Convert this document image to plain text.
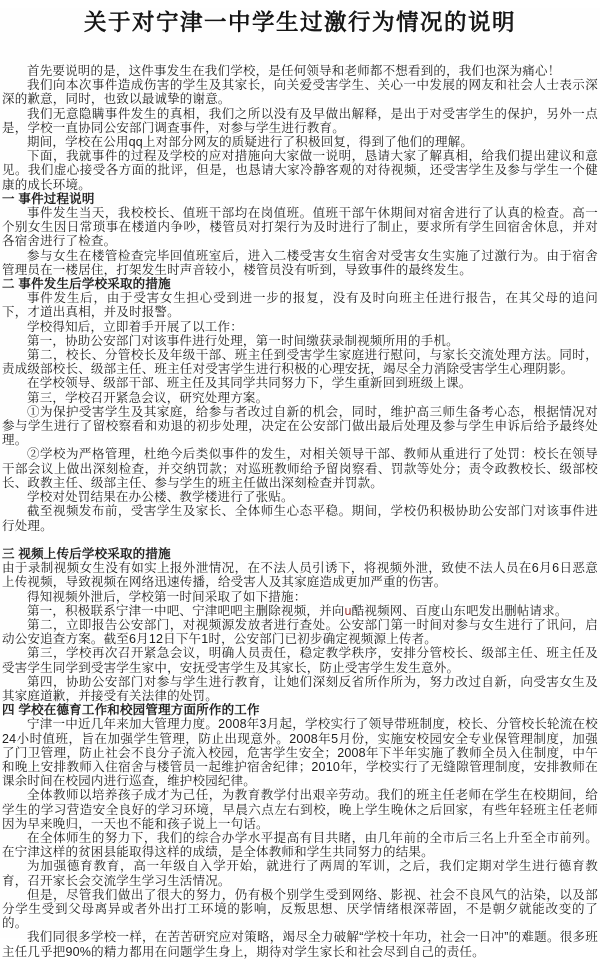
关于对宁津一中学生过激行为情况的说明

首先要说明的是，这件事发生在我们学校，是任何领导和老师都不想看到的，我们也深为痛心！

我们向本次事件造成伤害的学生及其家长，向关爱受害学生、关心一中发展的网友和社会人士表示深深的歉意，同时，也致以最诚挚的谢意。

我们无意隐瞒事件发生的真相，我们之所以没有及早做出解释，是出于对受害学生的保护，另外一点是，学校一直协同公安部门调查事件，对参与学生进行教育。

期间，学校在公用qq上对部分网友的质疑进行了积极回复，得到了他们的理解。

下面，我就事件的过程及学校的应对措施向大家做一说明，恳请大家了解真相，给我们提出建议和意见。我们虚心接受各方面的批评，但是，也恳请大家冷静客观的对待视频，还受害学生及参与学生一个健康的成长环境。

一 事件过程说明

事件发生当天，我校校长、值班干部均在岗值班。值班干部午休期间对宿舍进行了认真的检查。高一个别女生因日常琐事在楼道内争吵，楼管员对打架行为及时进行了制止，要求所有学生回宿舍休息，并对各宿舍进行了检查。

参与女生在楼管检查完毕回值班室后，进入二楼受害女生宿舍对受害女生实施了过激行为。由于宿舍管理员在一楼居住，打架发生时声音较小，楼管员没有听到，导致事件的最终发生。

二 事件发生后学校采取的措施

事件发生后，由于受害女生担心受到进一步的报复，没有及时向班主任进行报告，在其父母的追问下，才道出真相，并及时报警。

学校得知后，立即着手开展了以工作：

第一，协助公安部门对该事件进行处理，第一时间缴获录制视频所用的手机。

第二，校长、分管校长及年级干部、班主任到受害学生家庭进行慰问，与家长交流处理方法。同时，责成级部校长、级部主任、班主任对受害学生进行积极的心理安抚，竭尽全力消除受害学生心理阴影。

在学校领导、级部干部、班主任及其同学共同努力下，学生重新回到班级上课。

第三，学校召开紧急会议，研究处理方案。

①为保护受害学生及其家庭，给参与者改过自新的机会，同时，维护高三师生备考心态，根据情况对参与学生进行了留校察看和劝退的初步处理，决定在公安部门做出最后处理及参与学生申诉后给予最终处理。

②学校为严格管理，杜绝今后类似事件的发生，对相关领导干部、教师从重进行了处罚：校长在领导干部会议上做出深刻检查，并交纳罚款；对巡班教师给予留岗察看、罚款等处分；责令政教校长、级部校长、政教主任、级部主任、参与学生的班主任做出深刻检查并罚款。

学校对处罚结果在办公楼、教学楼进行了张贴。

截至视频发布前，受害学生及家长、全体师生心态平稳。期间，学校仍积极协助公安部门对该事件进行处理。

三 视频上传后学校采取的措施

由于录制视频女生没有如实上报外泄情况，在不法人员引诱下，将视频外泄，致使不法人员在6月6日恶意上传视频，导致视频在网络迅速传播，给受害人及其家庭造成更加严重的伤害。

得知视频外泄后，学校第一时间采取了如下措施：

第一，积极联系宁津一中吧、宁津吧吧主删除视频，并向u酷视频网、百度山东吧发出删帖请求。

第二，立即报告公安部门，对视频源发放者进行查处。公安部门第一时间对参与女生进行了讯问，启动公安追查方案。截至6月12日下午1时，公安部门已初步确定视频源上传者。

第三，学校再次召开紧急会议，明确人员责任，稳定教学秩序，安排分管校长、级部主任、班主任及受害学生同学到受害学生家中，安抚受害学生及其家长，防止受害学生发生意外。

第四，协助公安部门对参与学生进行教育，让她们深刻反省所作所为，努力改过自新，向受害女生及其家庭道歉，并接受有关法律的处罚。

四 学校在德育工作和校园管理方面所作的工作

宁津一中近几年来加大管理力度。2008年3月起，学校实行了领导带班制度，校长、分管校长轮流在校24小时值班，旨在加强学生管理，防止出现意外。2008年5月份，实施安校园安全专业保管理制度，加强了门卫管理，防止社会不良分子流入校园，危害学生安全；2008年下半年实施了教师全员入住制度，中午和晚上安排教师入住宿舍与楼管员一起维护宿舍纪律；2010年，学校实行了无缝隙管理制度，安排教师在课余时间在校园内进行巡查，维护校园纪律。

全体教师以培养孩子成才为己任，为教育教学付出艰辛劳动。我们的班主任老师在学生在校期间，给学生的学习营造安全良好的学习环境，早晨六点左右到校，晚上学生晚休之后回家，有些年轻班主任老师因为早来晚归，一天也不能和孩子说上一句话。

在全体师生的努力下，我们的综合办学水平提高有目共睹，由几年前的全市后三名上升至全市前列。在宁津这样的贫困县能取得这样的成绩，是全体教师和学生共同努力的结果。

为加强德育教育，高一年级自入学开始，就进行了两周的军训，之后，我们定期对学生进行德育教育，召开家长会交流学生学习生活情况。

但是，尽管我们做出了很大的努力，仍有极个别学生受到网络、影视、社会不良风气的沾染，以及部分学生受到父母离异或者外出打工环境的影响，反叛思想、厌学情绪根深蒂固，不是朝夕就能改变的了的。

我们同很多学校一样，在苦苦研究应对策略，竭尽全力破解“学校十年功，社会一日冲”的难题。很多班主任几乎把90%的精力都用在问题学生身上，期待对学生家长和社会尽到自己的责任。
